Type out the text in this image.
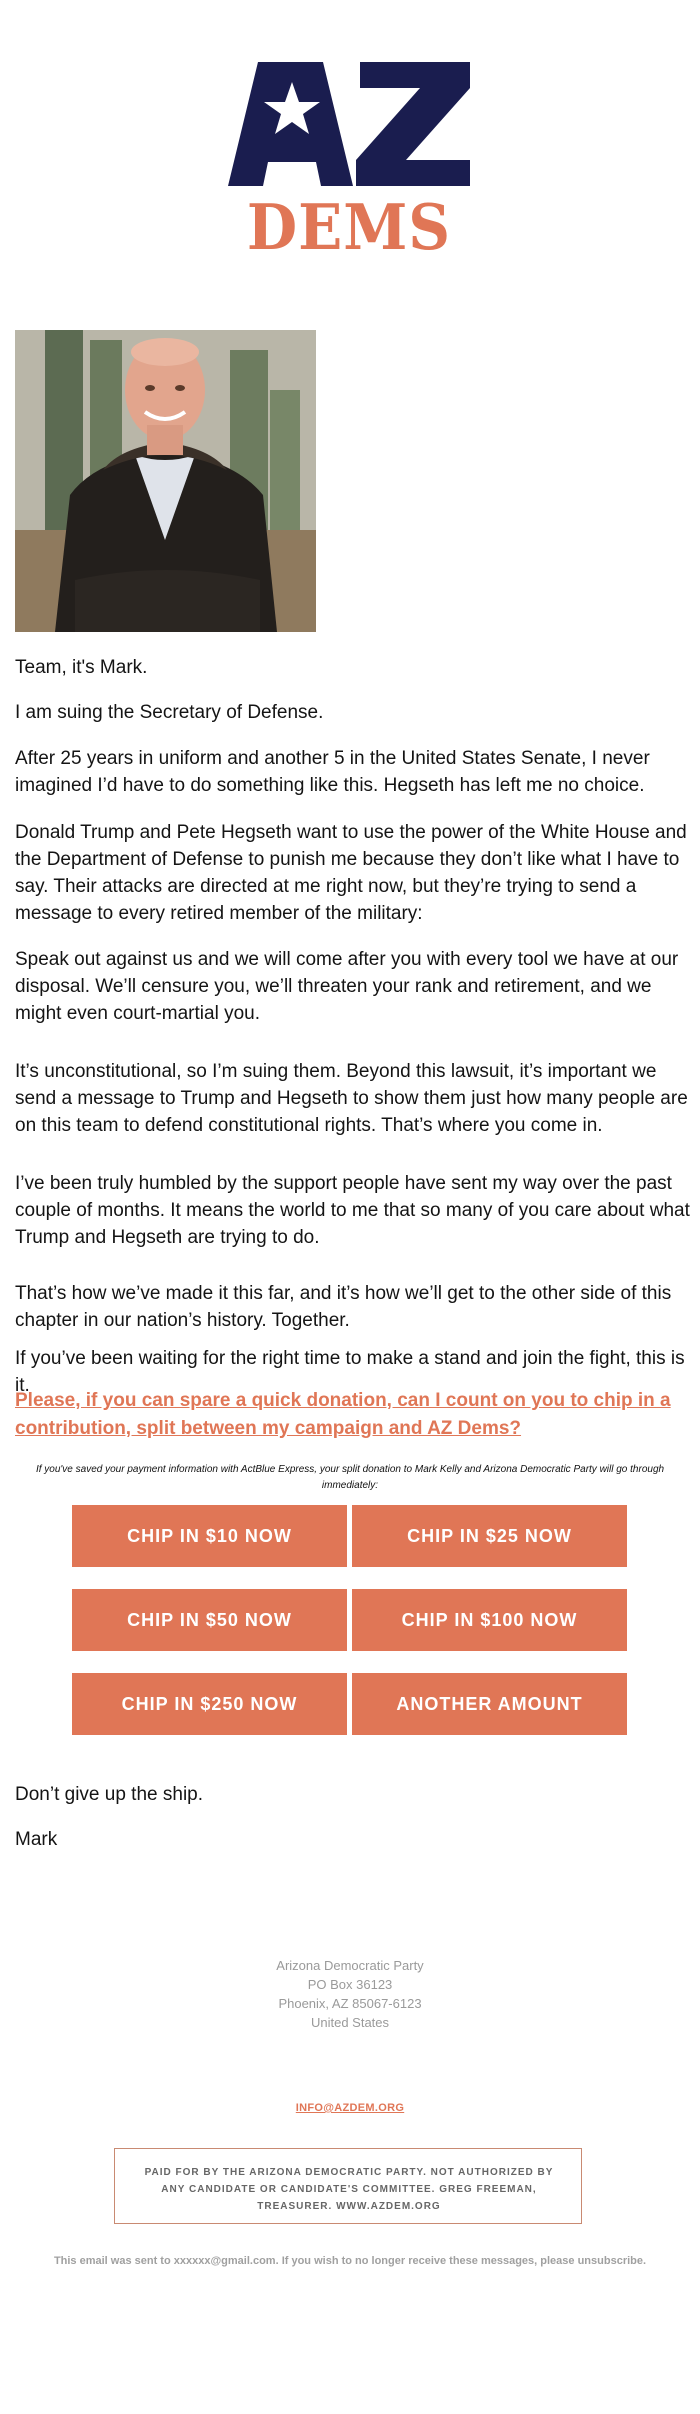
DEMS

Team, it's Mark.

I am suing the Secretary of Defense.

After 25 years in uniform and another 5 in the United States Senate, I never imagined I’d have to do something like this. Hegseth has left me no choice.

Donald Trump and Pete Hegseth want to use the power of the White House and the Department of Defense to punish me because they don’t like what I have to say. Their attacks are directed at me right now, but they’re trying to send a message to every retired member of the military:

Speak out against us and we will come after you with every tool we have at our disposal. We’ll censure you, we’ll threaten your rank and retirement, and we might even court-martial you.

It’s unconstitutional, so I’m suing them. Beyond this lawsuit, it’s important we send a message to Trump and Hegseth to show them just how many people are on this team to defend constitutional rights. That’s where you come in.

I’ve been truly humbled by the support people have sent my way over the past couple of months. It means the world to me that so many of you care about what Trump and Hegseth are trying to do.

That’s how we’ve made it this far, and it’s how we’ll get to the other side of this chapter in our nation’s history. Together.

If you’ve been waiting for the right time to make a stand and join the fight, this is it.

Please, if you can spare a quick donation, can I count on you to chip in a contribution, split between my campaign and AZ Dems?

If you've saved your payment information with ActBlue Express, your split donation to Mark Kelly and Arizona Democratic Party will go through immediately:

CHIP IN $10 NOW	CHIP IN $25 NOW
CHIP IN $50 NOW	CHIP IN $100 NOW
CHIP IN $250 NOW	ANOTHER AMOUNT

Don’t give up the ship.

Mark

Arizona Democratic Party
PO Box 36123
Phoenix, AZ 85067-6123
United States
INFO@AZDEM.ORG
PAID FOR BY THE ARIZONA DEMOCRATIC PARTY. NOT AUTHORIZED BY ANY CANDIDATE OR CANDIDATE'S COMMITTEE. GREG FREEMAN, TREASURER. WWW.AZDEM.ORG
This email was sent to xxxxxx@gmail.com. If you wish to no longer receive these messages, please unsubscribe.
